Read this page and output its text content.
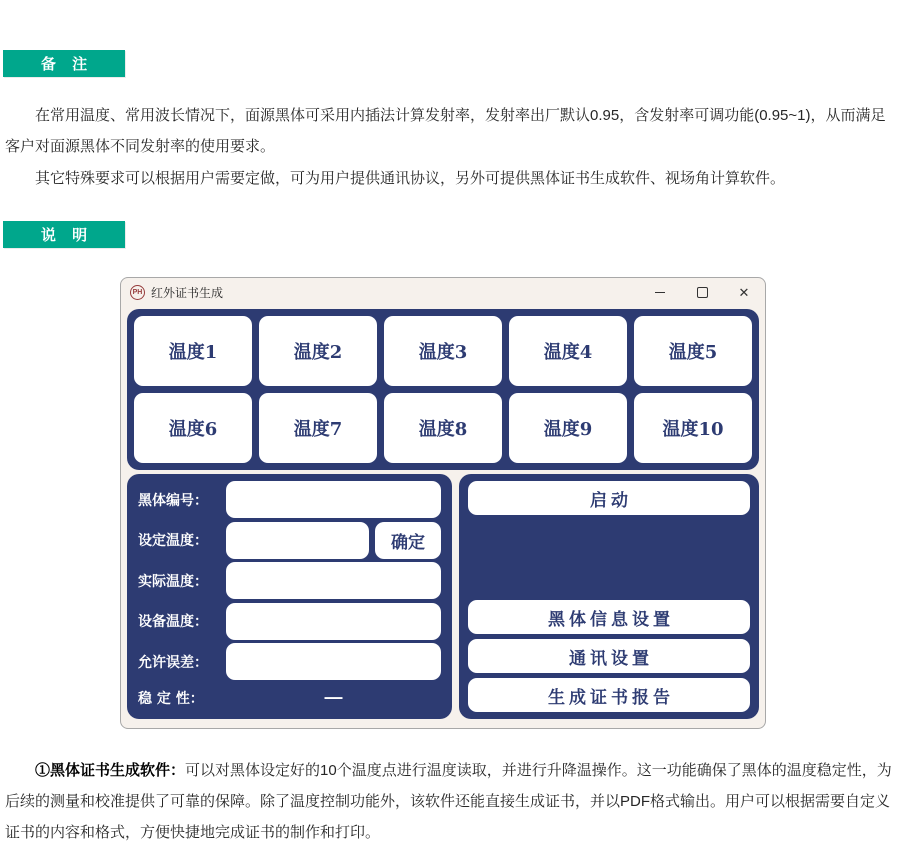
备 注

在常用温度、常用波长情况下，面源黑体可采用内插法计算发射率，发射率出厂默认0.95，含发射率可调功能(0.95~1)，从而满足客户对面源黑体不同发射率的使用要求。

其它特殊要求可以根据用户需要定做，可为用户提供通讯协议，另外可提供黑体证书生成软件、视场角计算软件。

说 明
PH 红外证书生成	✕
温度1	温度2	温度3	温度4	温度5
温度6	温度7	温度8	温度9	温度10
黑体编号：
设定温度：	确定
实际温度：
设备温度：
允许误差：
稳 定 性：	—
启动
黑体信息设置
通讯设置
生成证书报告

①黑体证书生成软件：可以对黑体设定好的10个温度点进行温度读取，并进行升降温操作。这一功能确保了黑体的温度稳定性，为后续的测量和校准提供了可靠的保障。除了温度控制功能外，该软件还能直接生成证书，并以PDF格式输出。用户可以根据需要自定义证书的内容和格式，方便快捷地完成证书的制作和打印。
